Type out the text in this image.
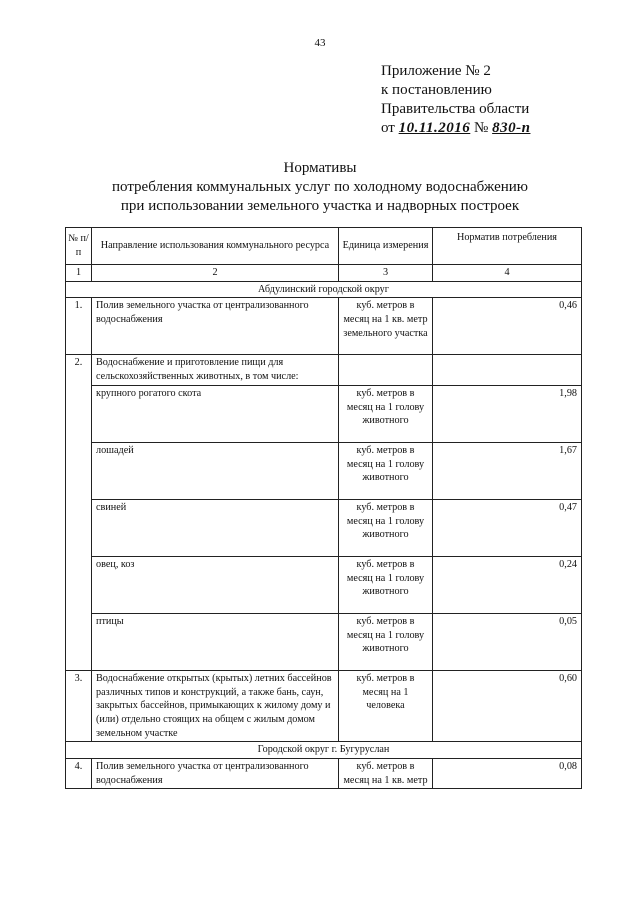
43
Приложение № 2
к постановлению
Правительства области
от 10.11.2016 № 830-п
Нормативы
потребления коммунальных услуг по холодному водоснабжению
при использовании земельного участка и надворных построек
№ п/п	Направление использования коммунального ресурса	Единица измерения	Норматив потребления
1	2	3	4
Абдулинский городской округ			
1.	Полив земельного участка от централизованного водоснабжения	куб. метров в месяц на 1 кв. метр земельного участка	0,46
2.	Водоснабжение и приготовление пищи для сельскохозяйственных животных, в том числе:		
	крупного рогатого скота	куб. метров в месяц на 1 голову животного	1,98
	лошадей	куб. метров в месяц на 1 голову животного	1,67
	свиней	куб. метров в месяц на 1 голову животного	0,47
	овец, коз	куб. метров в месяц на 1 голову животного	0,24
	птицы	куб. метров в месяц на 1 голову животного	0,05
3.	Водоснабжение открытых (крытых) летних бассейнов различных типов и конструкций, а также бань, саун, закрытых бассейнов, примыкающих к жилому дому и (или) отдельно стоящих на общем с жилым домом земельном участке	куб. метров в месяц на 1 человека	0,60
Городской округ г. Бугуруслан			
4.	Полив земельного участка от централизованного водоснабжения	куб. метров в месяц на 1 кв. метр	0,08
